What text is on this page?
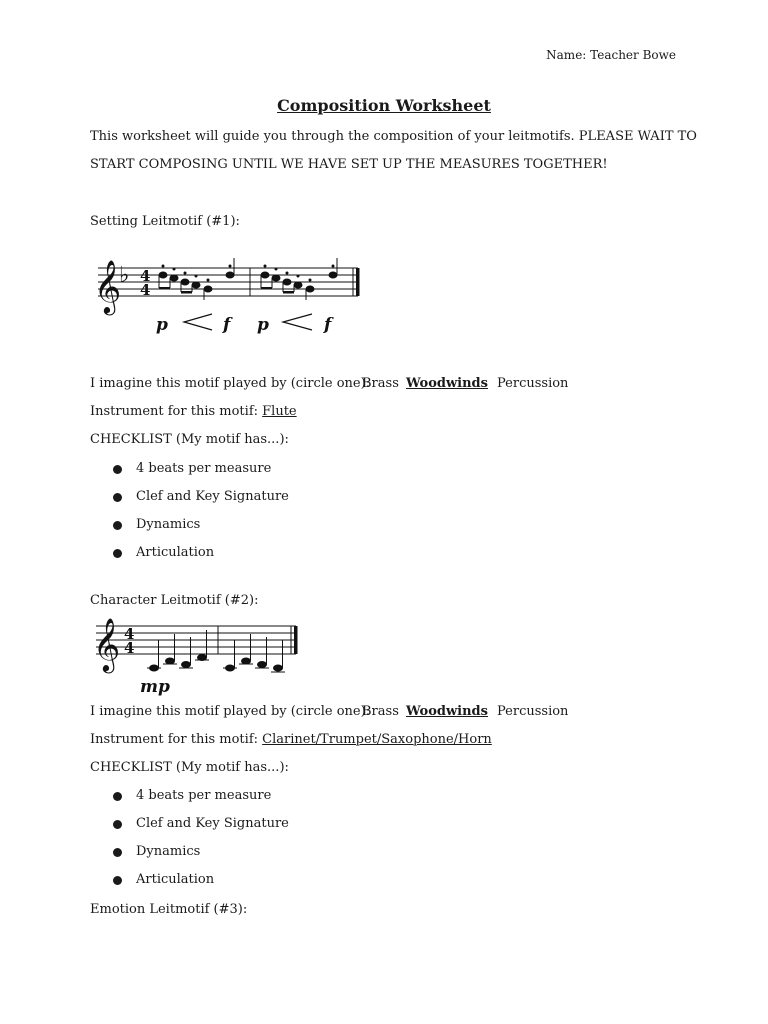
Name: Teacher Bowe
Composition Worksheet
This worksheet will guide you through the composition of your leitmotifs. PLEASE WAIT TO
START COMPOSING UNTIL WE HAVE SET UP THE MEASURES TOGETHER!
Setting Leitmotif (#1):
𝄞
♭ 4
4
p	f p	f
I imagine this motif played by (circle one):
Brass Woodwinds Percussion
Instrument for this motif: Flute
CHECKLIST (My motif has...):
4 beats per measure
Clef and Key Signature
Dynamics
Articulation
Character Leitmotif (#2):
𝄞 4
4
mp
I imagine this motif played by (circle one):
Brass Woodwinds Percussion
Instrument for this motif: Clarinet/Trumpet/Saxophone/Horn
CHECKLIST (My motif has...):
4 beats per measure
Clef and Key Signature
Dynamics
Articulation
Emotion Leitmotif (#3):
